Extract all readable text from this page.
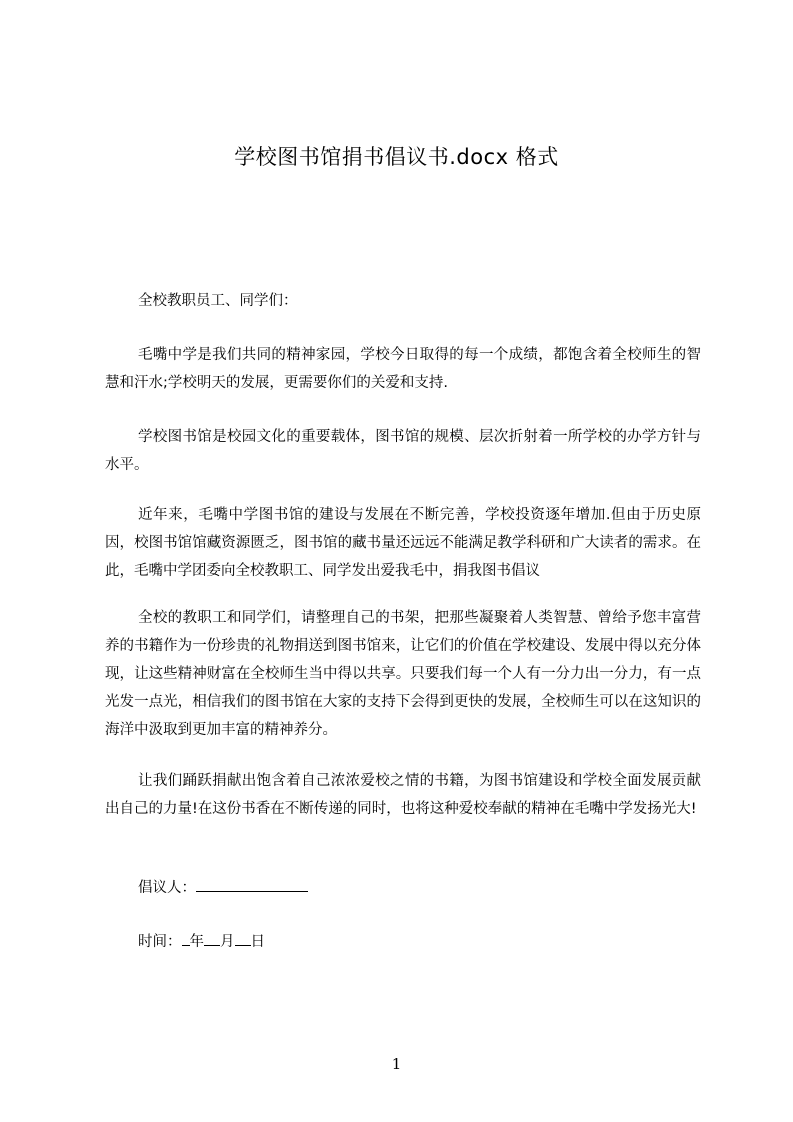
学校图书馆捐书倡议书.docx 格式

全校教职员工、同学们：

毛嘴中学是我们共同的精神家园，学校今日取得的每一个成绩，都饱含着全校师生的智慧和汗水;学校明天的发展，更需要你们的关爱和支持.

学校图书馆是校园文化的重要载体，图书馆的规模、层次折射着一所学校的办学方针与水平。

近年来，毛嘴中学图书馆的建设与发展在不断完善，学校投资逐年增加.但由于历史原因，校图书馆馆藏资源匮乏，图书馆的藏书量还远远不能满足教学科研和广大读者的需求。在此，毛嘴中学团委向全校教职工、同学发出爱我毛中，捐我图书倡议

全校的教职工和同学们，请整理自己的书架，把那些凝聚着人类智慧、曾给予您丰富营养的书籍作为一份珍贵的礼物捐送到图书馆来，让它们的价值在学校建设、发展中得以充分体现，让这些精神财富在全校师生当中得以共享。只要我们每一个人有一分力出一分力，有一点光发一点光，相信我们的图书馆在大家的支持下会得到更快的发展，全校师生可以在这知识的海洋中汲取到更加丰富的精神养分。

让我们踊跃捐献出饱含着自己浓浓爱校之情的书籍，为图书馆建设和学校全面发展贡献出自己的力量!在这份书香在不断传递的同时，也将这种爱校奉献的精神在毛嘴中学发扬光大!

倡议人：

时间： 年 月 日

1
